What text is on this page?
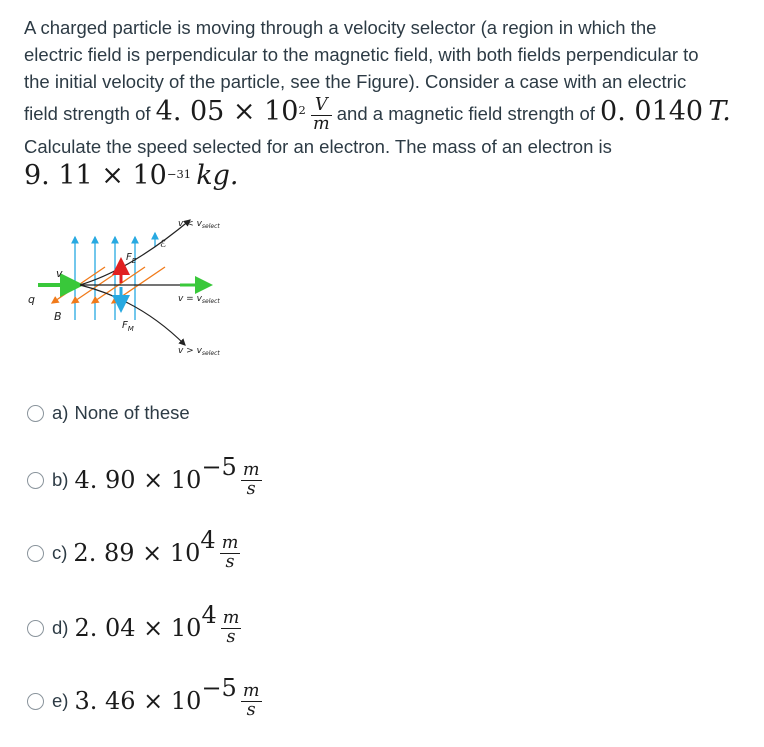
A charged particle is moving through a velocity selector (a region in which the
electric field is perpendicular to the magnetic field, with both fields perpendicular to
the initial velocity of the particle, see the Figure). Consider a case with an electric
field strength of 4. $05 \times 10^2 \frac{V}{m}$ and a magnetic field strength of 0. 0140 T.
Calculate the speed selected for an electron. The mass of an electron is
9. $11 \times 10^{-31}$ kg.
q
v
B
$F_E$
$F_M$
ℰ
$v < v_{select}$
$v = v_{select}$
$v > v_{select}$
a) None of these
b) 4. $90 \times 10 -5 \frac{m}{s}$
c) 2. 89 × 10 $4 \frac{m}{s}$
d) 2. 04 × 10 $4 \frac{m}{s}$
e) 3. $46 \times 10 -5 \frac{m}{s}$
